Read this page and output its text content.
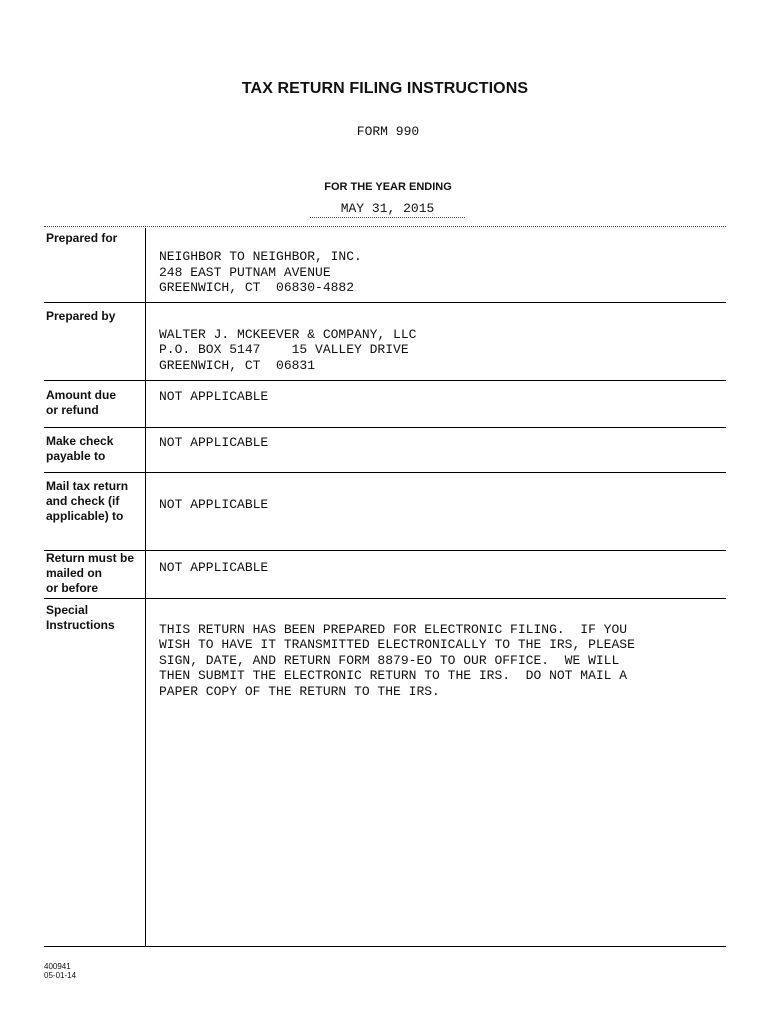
TAX RETURN FILING INSTRUCTIONS
FORM 990
FOR THE YEAR ENDING
MAY 31, 2015
Prepared for
NEIGHBOR TO NEIGHBOR, INC.
248 EAST PUTNAM AVENUE
GREENWICH, CT  06830-4882
Prepared by
WALTER J. MCKEEVER & COMPANY, LLC
P.O. BOX 5147    15 VALLEY DRIVE
GREENWICH, CT  06831
Amount due
or refund
NOT APPLICABLE
Make check
payable to
NOT APPLICABLE
Mail tax return
and check (if
applicable) to
NOT APPLICABLE
Return must be
mailed on
or before
NOT APPLICABLE
Special
Instructions	THIS RETURN HAS BEEN PREPARED FOR ELECTRONIC FILING.  IF YOU
WISH TO HAVE IT TRANSMITTED ELECTRONICALLY TO THE IRS, PLEASE
SIGN, DATE, AND RETURN FORM 8879-EO TO OUR OFFICE.  WE WILL
THEN SUBMIT THE ELECTRONIC RETURN TO THE IRS.  DO NOT MAIL A
PAPER COPY OF THE RETURN TO THE IRS.
400941
05-01-14
